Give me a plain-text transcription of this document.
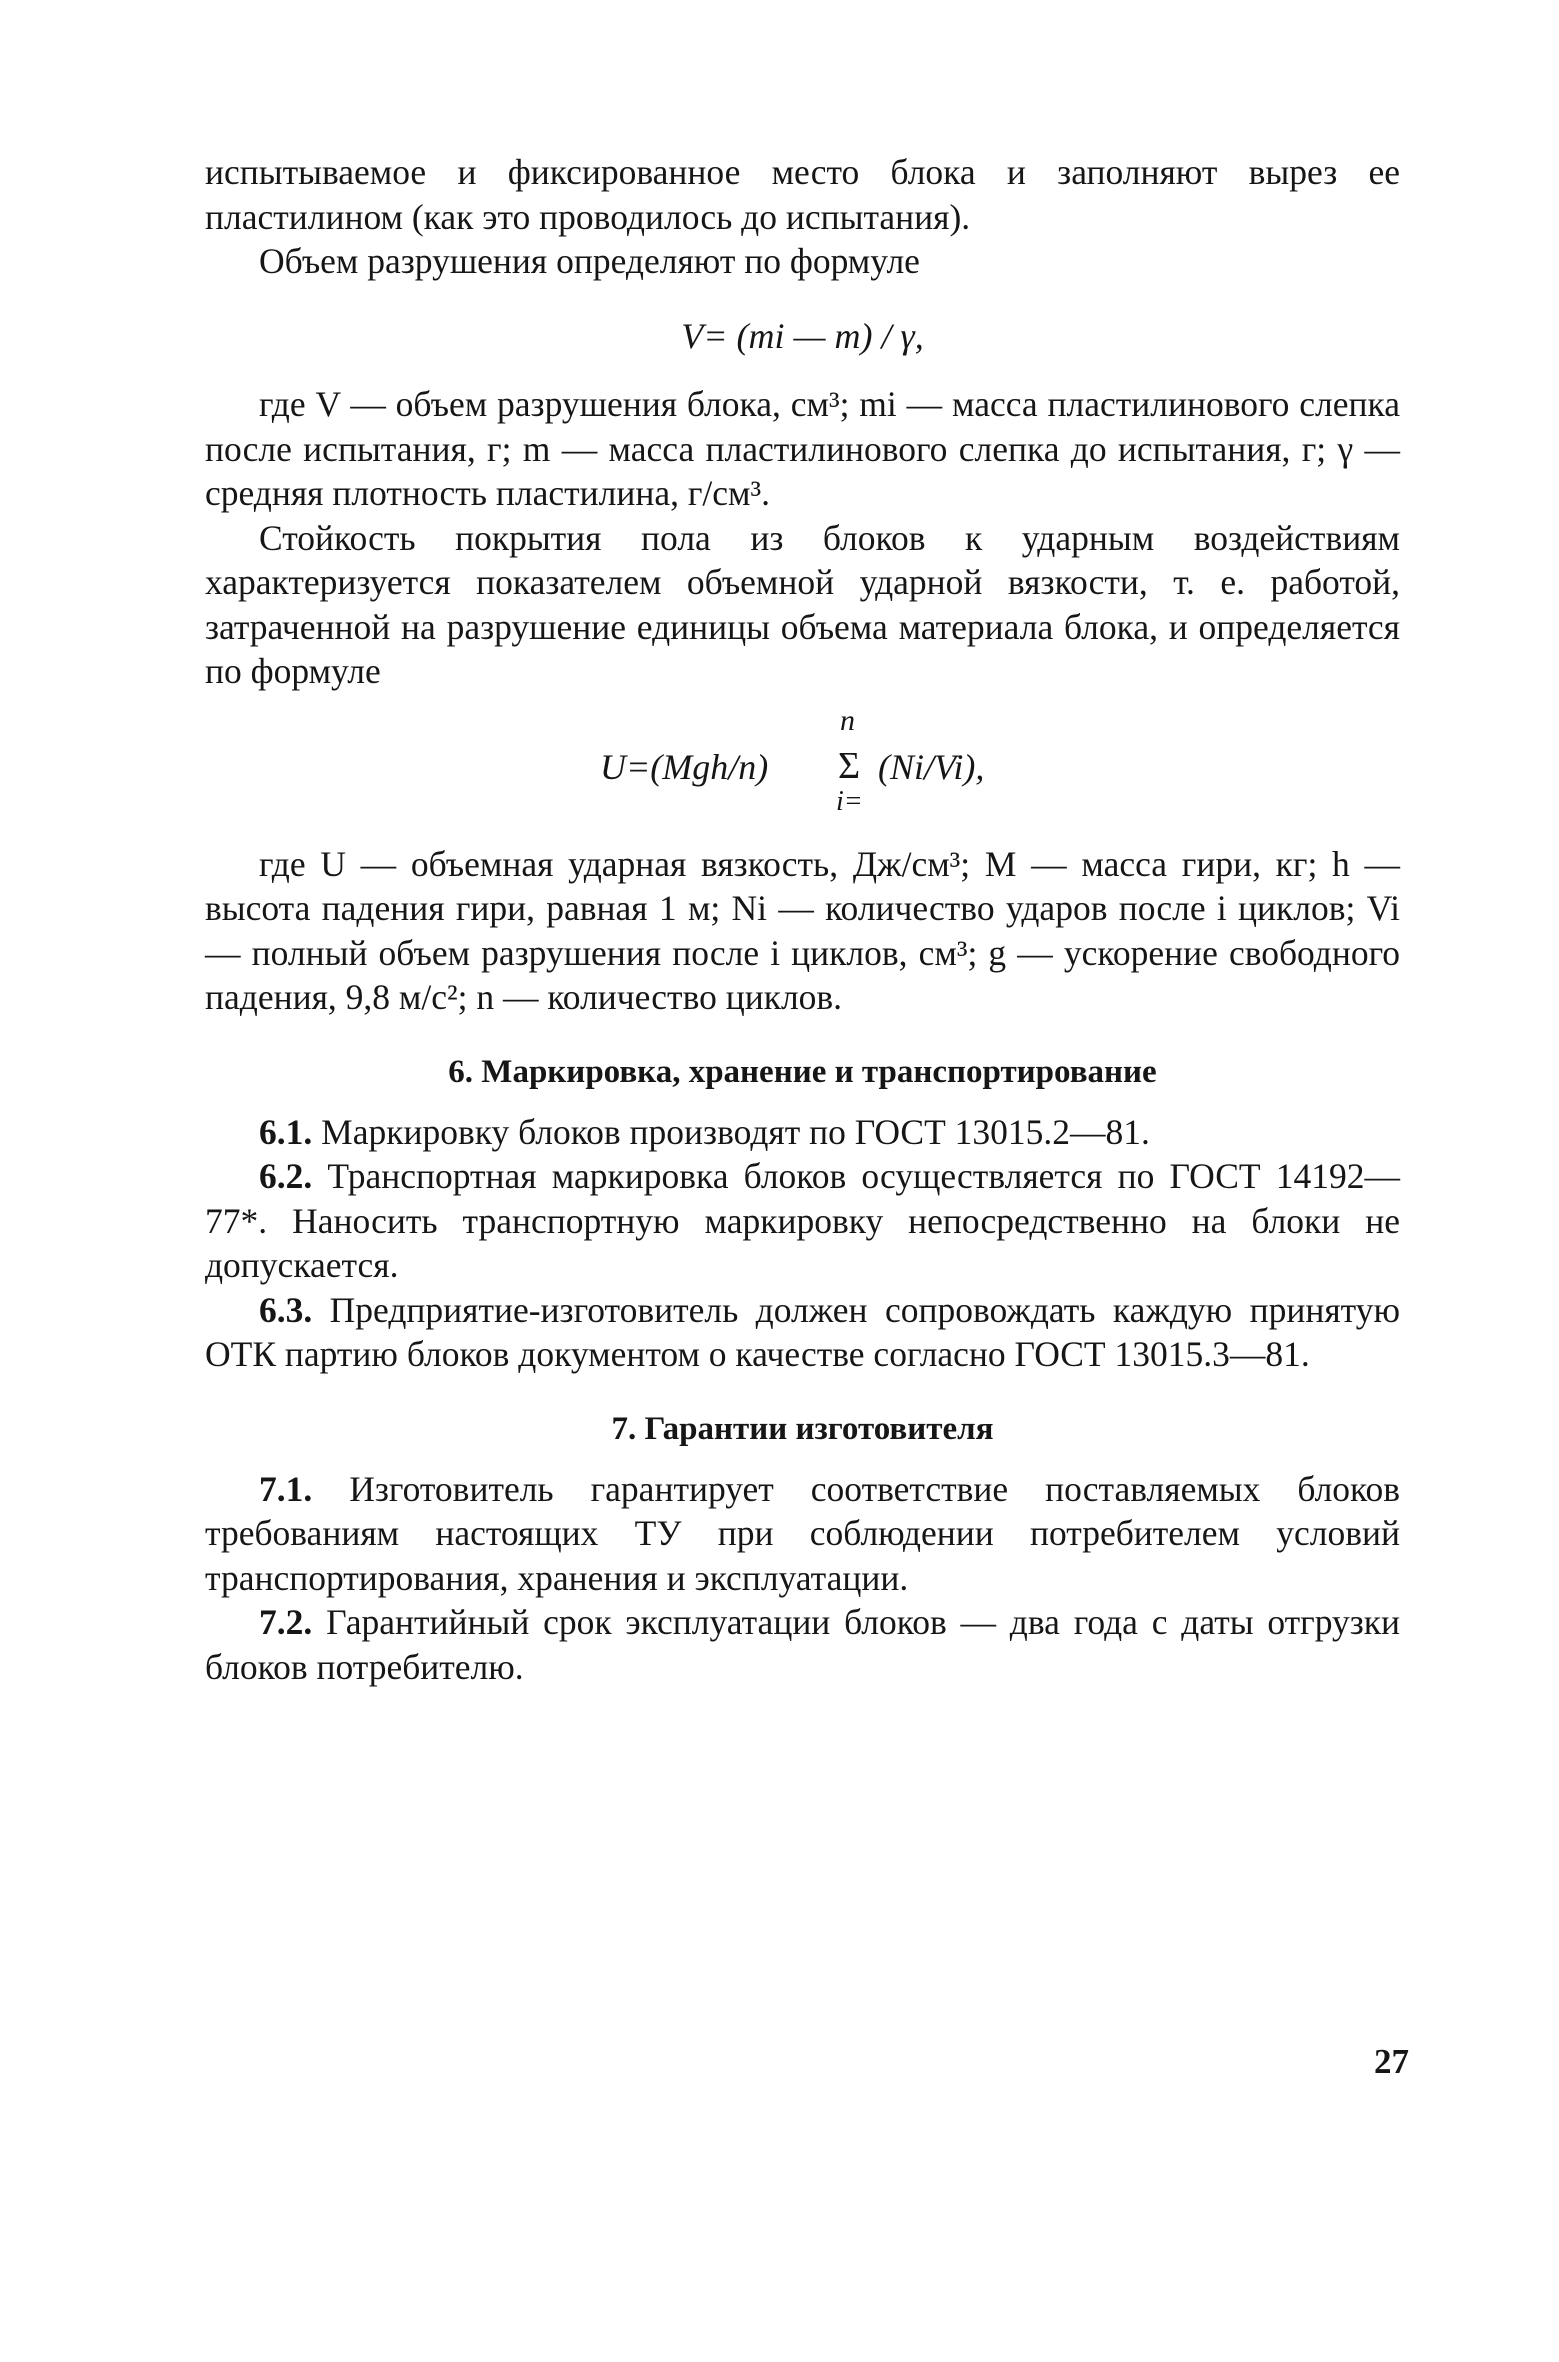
испытываемое и фиксированное место блока и заполняют вырез ее пластилином (как это проводилось до испытания).

Объем разрушения определяют по формуле

V= (mi — m) / γ,

где V — объем разрушения блока, см³; mi — масса пластилинового слепка после испытания, г; m — масса пластилинового слепка до испытания, г; γ — средняя плотность пластилина, г/см³.

Стойкость покрытия пола из блоков к ударным воздействиям характеризуется показателем объемной ударной вязкости, т. е. работой, затраченной на разрушение единицы объема материала блока, и определяется по формуле

U=(Mgh/n)
n
Σ
i=
(Ni/Vi),

где U — объемная ударная вязкость, Дж/см³; M — масса гири, кг; h — высота падения гири, равная 1 м; Ni — количество ударов после i циклов; Vi — полный объем разрушения после i циклов, см³; g — ускорение свободного падения, 9,8 м/с²; n — количество циклов.

6. Маркировка, хранение и транспортирование

6.1. Маркировку блоков производят по ГОСТ 13015.2—81.

6.2. Транспортная маркировка блоков осуществляется по ГОСТ 14192—77*. Наносить транспортную маркировку непосредственно на блоки не допускается.

6.3. Предприятие-изготовитель должен сопровождать каждую принятую ОТК партию блоков документом о качестве согласно ГОСТ 13015.3—81.

7. Гарантии изготовителя

7.1. Изготовитель гарантирует соответствие поставляемых блоков требованиям настоящих ТУ при соблюдении потребителем условий транспортирования, хранения и эксплуатации.

7.2. Гарантийный срок эксплуатации блоков — два года с даты отгрузки блоков потребителю.

27
